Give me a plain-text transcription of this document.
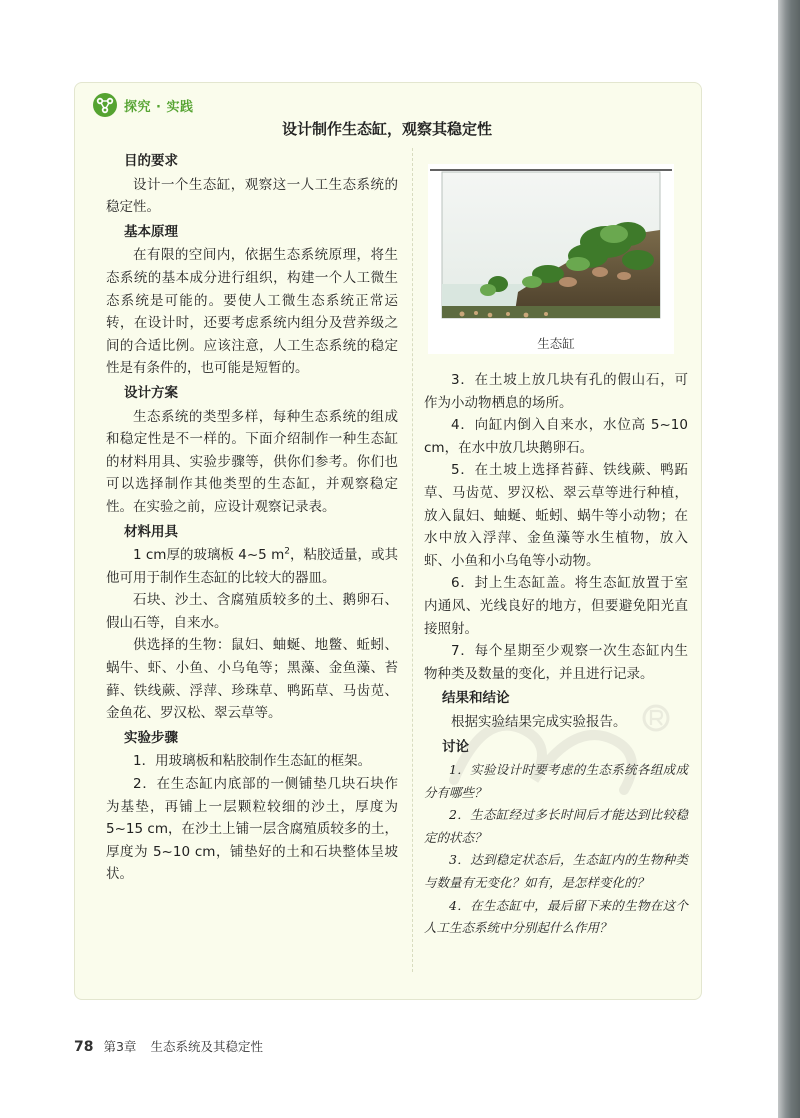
探究 · 实践
设计制作生态缸，观察其稳定性
目的要求

设计一个生态缸，观察这一人工生态系统的稳定性。

基本原理

在有限的空间内，依据生态系统原理，将生态系统的基本成分进行组织，构建一个人工微生态系统是可能的。要使人工微生态系统正常运转，在设计时，还要考虑系统内组分及营养级之间的合适比例。应该注意，人工生态系统的稳定性是有条件的，也可能是短暂的。

设计方案

生态系统的类型多样，每种生态系统的组成和稳定性是不一样的。下面介绍制作一种生态缸的材料用具、实验步骤等，供你们参考。你们也可以选择制作其他类型的生态缸，并观察稳定性。在实验之前，应设计观察记录表。

材料用具

1 cm厚的玻璃板 4~5 $m^2$，粘胶适量，或其他可用于制作生态缸的比较大的器皿。

石块、沙土、含腐殖质较多的土、鹅卵石、假山石等，自来水。

供选择的生物：鼠妇、蚰蜒、地鳖、蚯蚓、蜗牛、虾、小鱼、小乌龟等；黑藻、金鱼藻、苔藓、铁线蕨、浮萍、珍珠草、鸭跖草、马齿苋、金鱼花、罗汉松、翠云草等。

实验步骤

1．用玻璃板和粘胶制作生态缸的框架。

2．在生态缸内底部的一侧铺垫几块石块作为基垫，再铺上一层颗粒较细的沙土，厚度为 5~15 cm，在沙土上铺一层含腐殖质较多的土，厚度为 5~10 cm，铺垫好的土和石块整体呈坡状。

生态缸

3．在土坡上放几块有孔的假山石，可作为小动物栖息的场所。

4．向缸内倒入自来水，水位高 5~10 cm，在水中放几块鹅卵石。

5．在土坡上选择苔藓、铁线蕨、鸭跖草、马齿苋、罗汉松、翠云草等进行种植，放入鼠妇、蚰蜒、蚯蚓、蜗牛等小动物；在水中放入浮萍、金鱼藻等水生植物，放入虾、小鱼和小乌龟等小动物。

6．封上生态缸盖。将生态缸放置于室内通风、光线良好的地方，但要避免阳光直接照射。

7．每个星期至少观察一次生态缸内生物种类及数量的变化，并且进行记录。

结果和结论

根据实验结果完成实验报告。

讨论

1．实验设计时要考虑的生态系统各组成成分有哪些？

2．生态缸经过多长时间后才能达到比较稳定的状态？

3．达到稳定状态后，生态缸内的生物种类与数量有无变化？如有，是怎样变化的？

4．在生态缸中，最后留下来的生物在这个人工生态系统中分别起什么作用？

78 第3章 生态系统及其稳定性
